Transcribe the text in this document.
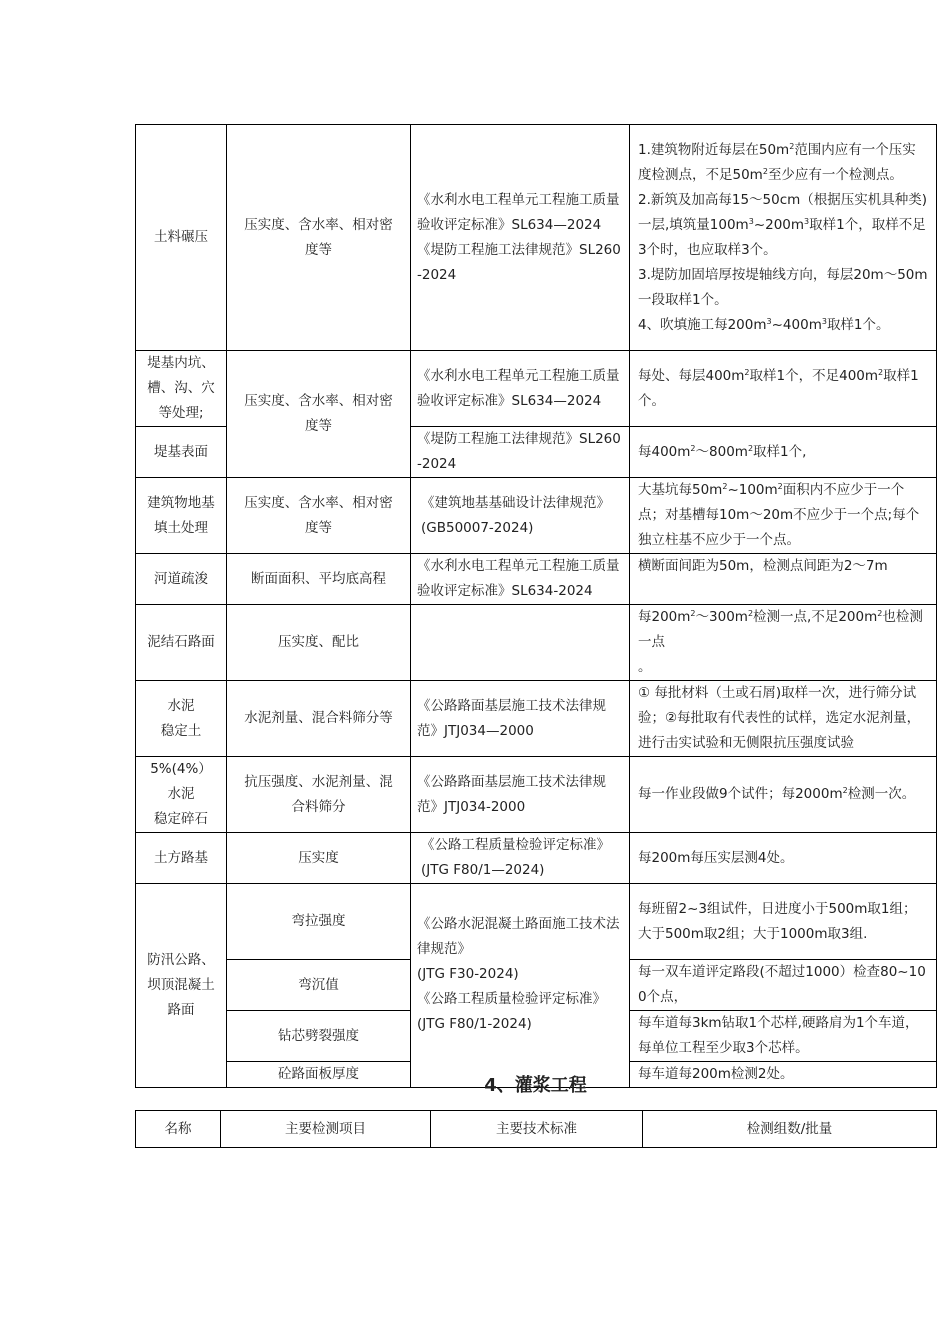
土料碾压	压实度、含水率、相对密度等	《水利水电工程单元工程施工质量验收评定标准》SL634—2024
《堤防工程施工法律规范》SL260-2024	1.建筑物附近每层在$50m^2$范围内应有一个压实度检测点，不足$50m^2$至少应有一个检测点。
2.新筑及加高每15～50cm（根据压实机具种类)一层,填筑量$100m^3\sim 200m^3$取样1个，取样不足3个时，也应取样3个。
3.堤防加固培厚按堤轴线方向，每层20m～50m一段取样1个。
4、吹填施工每$200m^3\sim 400m^3$取样1个。
堤基内坑、槽、沟、穴等处理;	压实度、含水率、相对密度等	《水利水电工程单元工程施工质量验收评定标准》SL634—2024	每处、每层$400m^2$取样1个，不足$400m^2$取样1个。
堤基表面		《堤防工程施工法律规范》SL260-2024	每$400m^2\sim 800m^2$取样1个,
建筑物地基填土处理	压实度、含水率、相对密度等	《建筑地基基础设计法律规范》(GB50007-2024)	大基坑每$50m^2\sim 100m^2$面积内不应少于一个点；对基槽每10m～20m不应少于一个点;每个独立柱基不应少于一个点。
河道疏浚	断面面积、平均底高程	《水利水电工程单元工程施工质量验收评定标准》SL634-2024	横断面间距为50m，检测点间距为2～7m
泥结石路面	压实度、配比		每$200m^2\sim 300m^2$检测一点,不足$200m^2$也检测一点
。
水泥
稳定土	水泥剂量、混合料筛分等	《公路路面基层施工技术法律规范》JTJ034—2000	① 每批材料（土或石屑)取样一次，进行筛分试验；②每批取有代表性的试样，选定水泥剂量，进行击实试验和无侧限抗压强度试验
5%(4%）
水泥
稳定碎石	抗压强度、水泥剂量、混合料筛分	《公路路面基层施工技术法律规范》JTJ034-2000	每一作业段做9个试件；每$2000m^2$检测一次。
土方路基	压实度	《公路工程质量检验评定标准》
(JTG F80/1—2024)	每200m每压实层测4处。
防汛公路、坝顶混凝土路面	弯拉强度	《公路水泥混凝土路面施工技术法律规范》
(JTG F30-2024)
《公路工程质量检验评定标准》
(JTG F80/1-2024)	每班留2~3组试件，日进度小于500m取1组；大于500m取2组；大于1000m取3组.
	弯沉值		每一双车道评定路段(不超过1000）检查80~100个点，
	钻芯劈裂强度		每车道每3km钻取1个芯样,硬路肩为1个车道，每单位工程至少取3个芯样。
	砼路面板厚度		每车道每200m检测2处。
4、灌浆工程
名称	主要检测项目	主要技术标准	检测组数/批量
